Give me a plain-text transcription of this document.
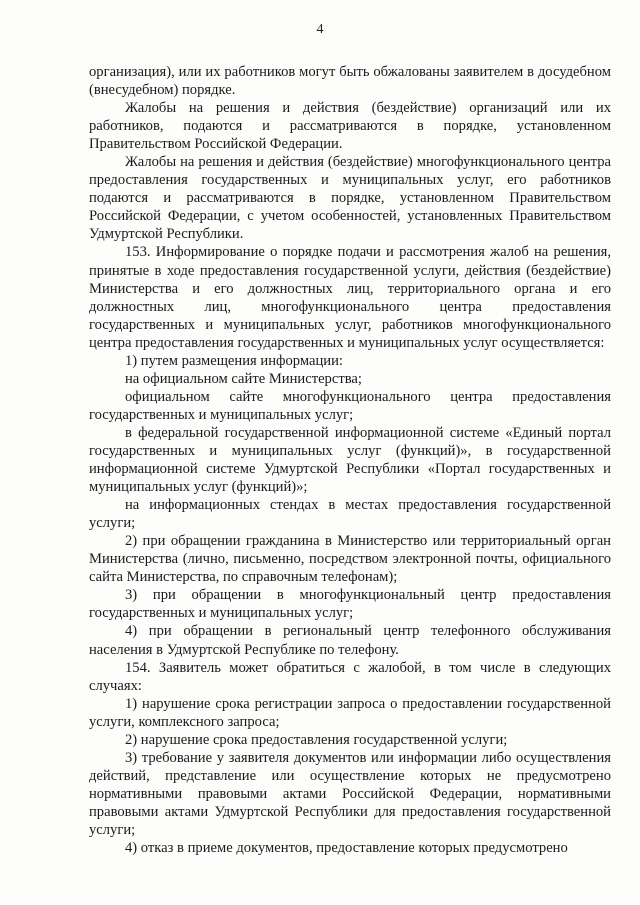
4

организация), или их работников могут быть обжалованы заявителем в досудебном (внесудебном) порядке.

Жалобы на решения и действия (бездействие) организаций или их работников, подаются и рассматриваются в порядке, установленном Правительством Российской Федерации.

Жалобы на решения и действия (бездействие) многофункционального центра предоставления государственных и муниципальных услуг, его работников подаются и рассматриваются в порядке, установленном Правительством Российской Федерации, с учетом особенностей, установленных Правительством Удмуртской Республики.

153. Информирование о порядке подачи и рассмотрения жалоб на решения, принятые в ходе предоставления государственной услуги, действия (бездействие) Министерства и его должностных лиц, территориального органа и его должностных лиц, многофункционального центра предоставления государственных и муниципальных услуг, работников многофункционального центра предоставления государственных и муниципальных услуг осуществляется:

1) путем размещения информации:

на официальном сайте Министерства;

официальном сайте многофункционального центра предоставления государственных и муниципальных услуг;

в федеральной государственной информационной системе «Единый портал государственных и муниципальных услуг (функций)», в государственной информационной системе Удмуртской Республики «Портал государственных и муниципальных услуг (функций)»;

на информационных стендах в местах предоставления государственной услуги;

2) при обращении гражданина в Министерство или территориальный орган Министерства (лично, письменно, посредством электронной почты, официального сайта Министерства, по справочным телефонам);

3) при обращении в многофункциональный центр предоставления государственных и муниципальных услуг;

4) при обращении в региональный центр телефонного обслуживания населения в Удмуртской Республике по телефону.

154. Заявитель может обратиться с жалобой, в том числе в следующих случаях:

1) нарушение срока регистрации запроса о предоставлении государственной услуги, комплексного запроса;

2) нарушение срока предоставления государственной услуги;

3) требование у заявителя документов или информации либо осуществления действий, представление или осуществление которых не предусмотрено нормативными правовыми актами Российской Федерации, нормативными правовыми актами Удмуртской Республики для предоставления государственной услуги;

4) отказ в приеме документов, предоставление которых предусмотрено
